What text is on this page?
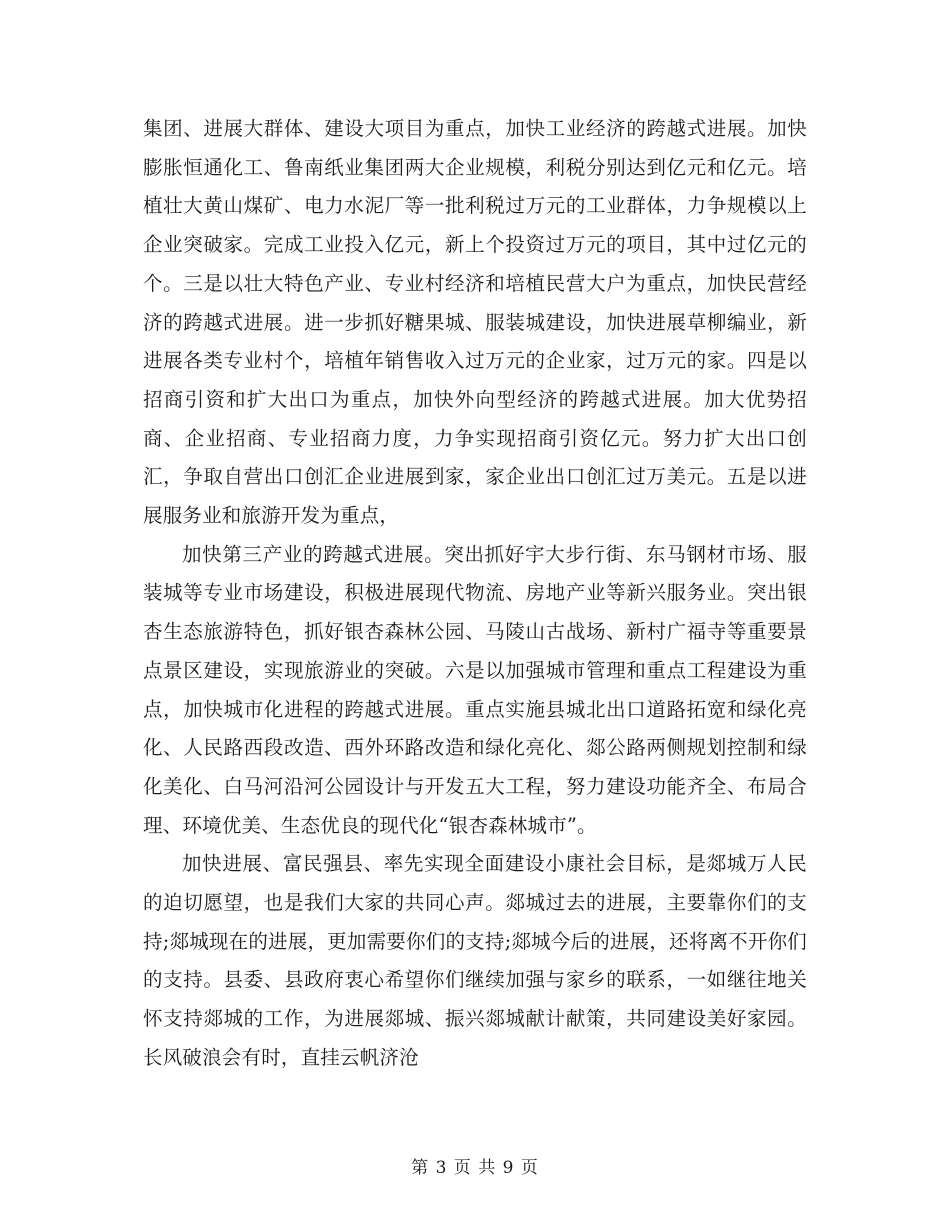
集团、进展大群体、建设大项目为重点，加快工业经济的跨越式进展。加快膨胀恒通化工、鲁南纸业集团两大企业规模，利税分别达到亿元和亿元。培植壮大黄山煤矿、电力水泥厂等一批利税过万元的工业群体，力争规模以上企业突破家。完成工业投入亿元，新上个投资过万元的项目，其中过亿元的个。三是以壮大特色产业、专业村经济和培植民营大户为重点，加快民营经济的跨越式进展。进一步抓好糖果城、服装城建设，加快进展草柳编业，新进展各类专业村个，培植年销售收入过万元的企业家，过万元的家。四是以招商引资和扩大出口为重点，加快外向型经济的跨越式进展。加大优势招商、企业招商、专业招商力度，力争实现招商引资亿元。努力扩大出口创汇，争取自营出口创汇企业进展到家，家企业出口创汇过万美元。五是以进展服务业和旅游开发为重点，

加快第三产业的跨越式进展。突出抓好宇大步行街、东马钢材市场、服装城等专业市场建设，积极进展现代物流、房地产业等新兴服务业。突出银杏生态旅游特色，抓好银杏森林公园、马陵山古战场、新村广福寺等重要景点景区建设，实现旅游业的突破。六是以加强城市管理和重点工程建设为重点，加快城市化进程的跨越式进展。重点实施县城北出口道路拓宽和绿化亮化、人民路西段改造、西外环路改造和绿化亮化、郯公路两侧规划控制和绿化美化、白马河沿河公园设计与开发五大工程，努力建设功能齐全、布局合理、环境优美、生态优良的现代化“银杏森林城市”。

加快进展、富民强县、率先实现全面建设小康社会目标，是郯城万人民的迫切愿望，也是我们大家的共同心声。郯城过去的进展，主要靠你们的支持;郯城现在的进展，更加需要你们的支持;郯城今后的进展，还将离不开你们的支持。县委、县政府衷心希望你们继续加强与家乡的联系，一如继往地关怀支持郯城的工作，为进展郯城、振兴郯城献计献策，共同建设美好家园。长风破浪会有时，直挂云帆济沧

第 3 页 共 9 页
